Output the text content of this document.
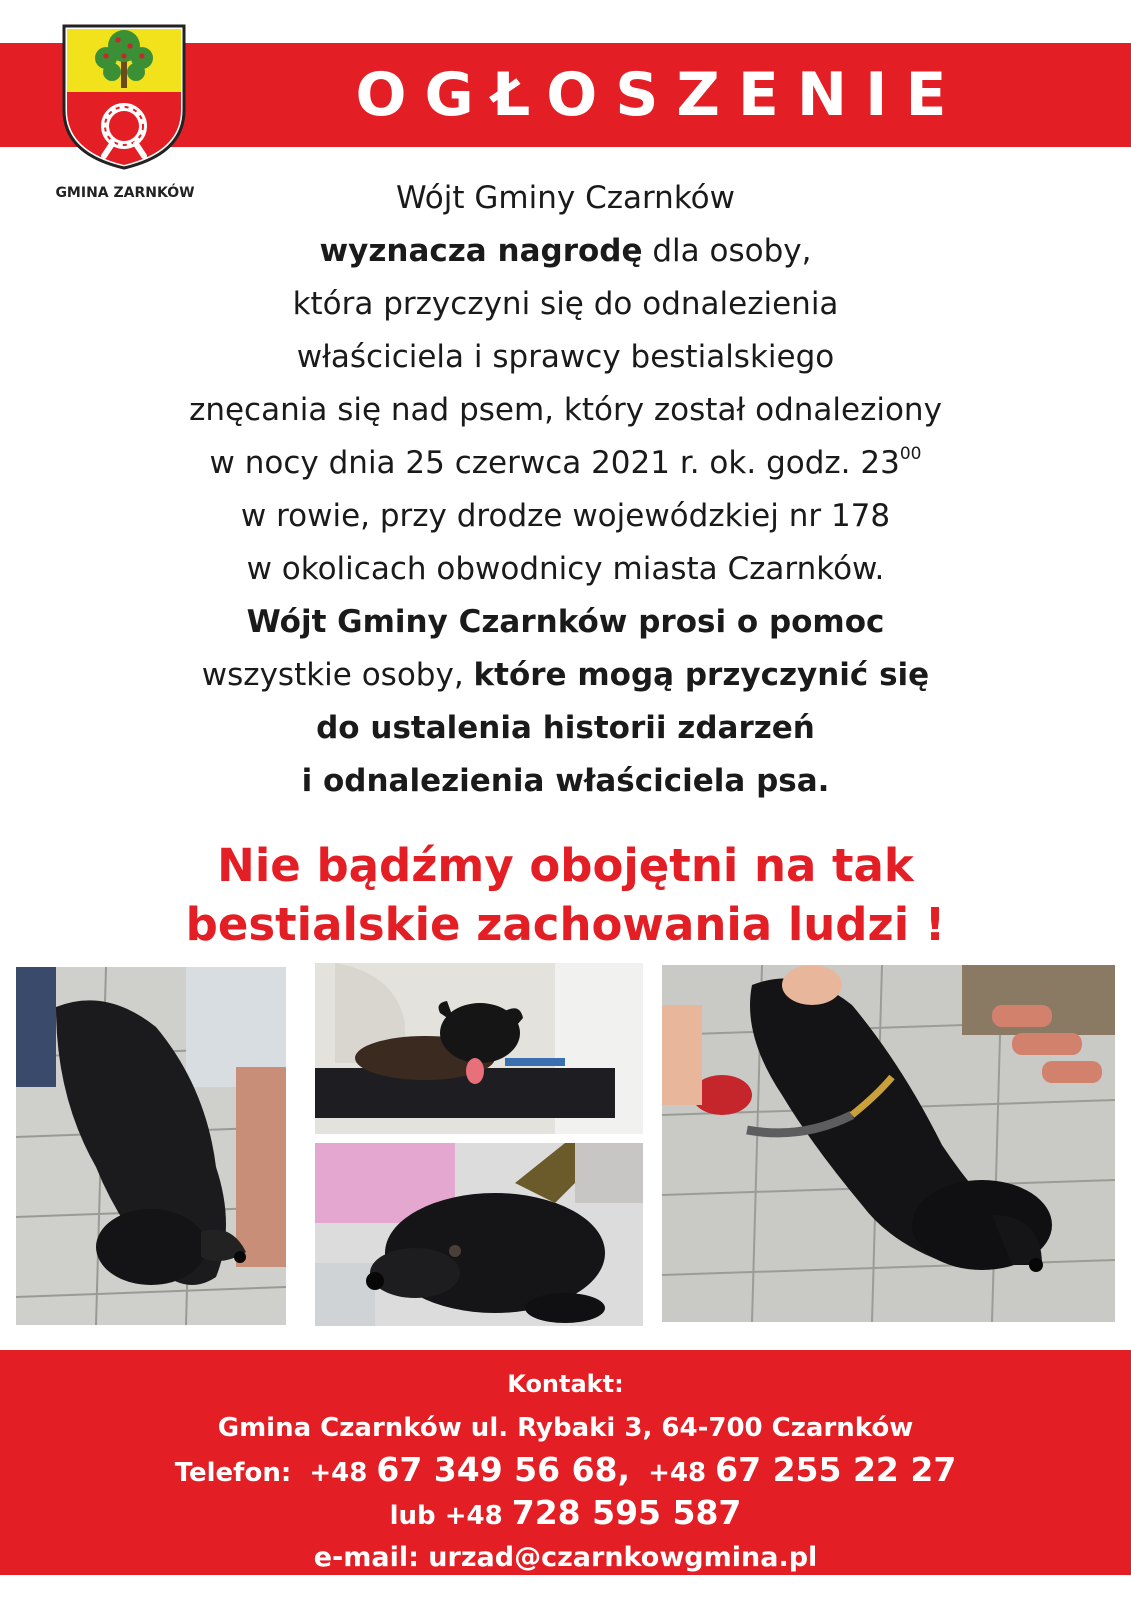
GMINA ZARNKÓW
OGŁOSZENIE
Wójt Gminy Czarnków
wyznacza nagrodę dla osoby,
która przyczyni się do odnalezienia
właściciela i sprawcy bestialskiego
znęcania się nad psem, który został odnaleziony
w nocy dnia 25 czerwca 2021 r. ok. godz. $23^{00}$
w rowie, przy drodze wojewódzkiej nr 178
w okolicach obwodnicy miasta Czarnków.
Wójt Gminy Czarnków prosi o pomoc
wszystkie osoby, które mogą przyczynić się
do ustalenia historii zdarzeń
i odnalezienia właściciela psa.
Nie bądźmy obojętni na tak
bestialskie zachowania ludzi !
Kontakt:
Gmina Czarnków ul. Rybaki 3, 64-700 Czarnków
Telefon: +48 67 349 56 68, +48 67 255 22 27
lub +48 728 595 587
e-mail: urzad@czarnkowgmina.pl
